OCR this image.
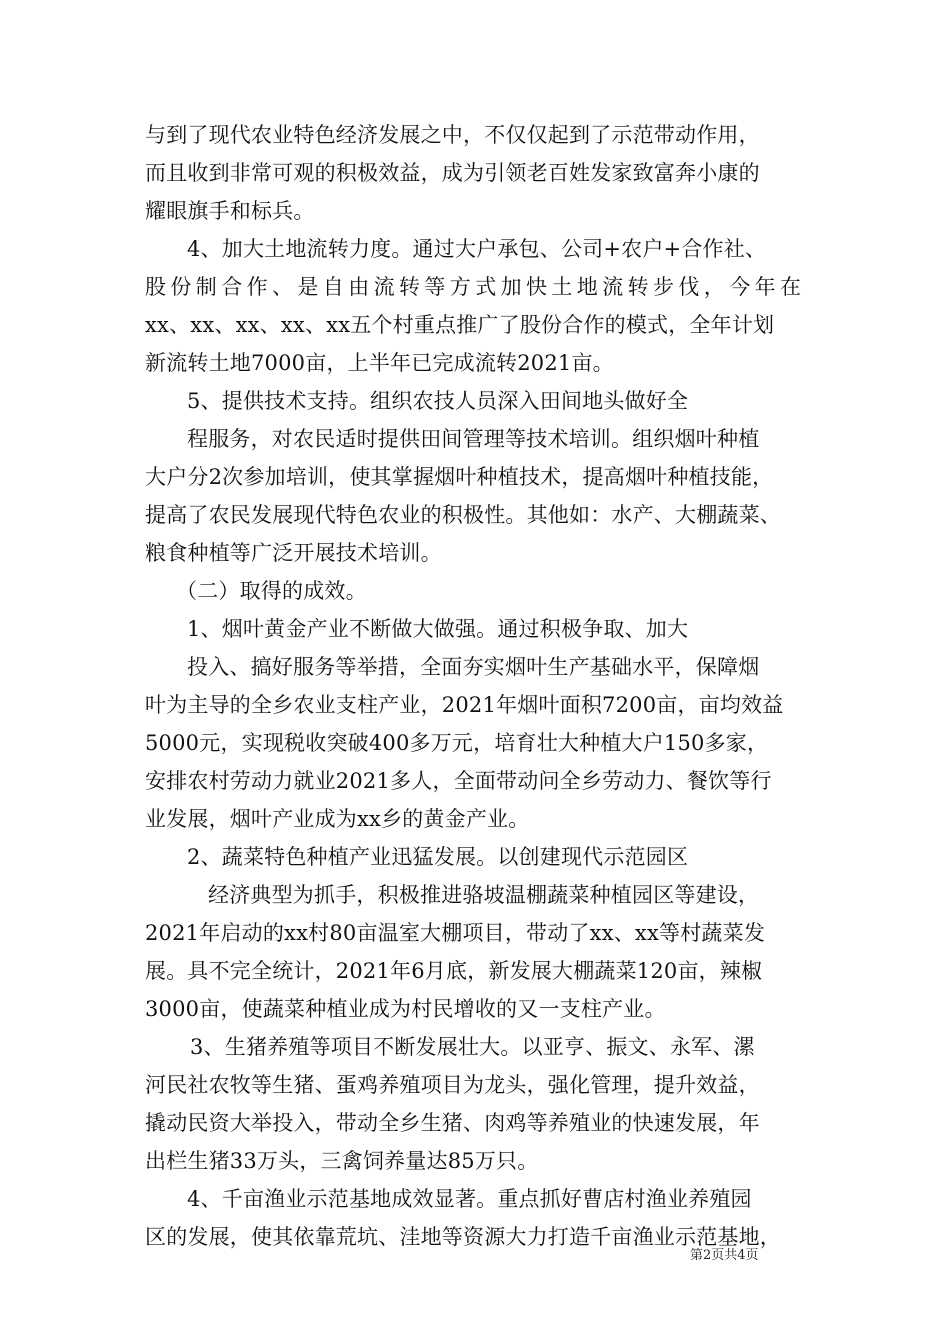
与到了现代农业特色经济发展之中，不仅仅起到了示范带动作用，
而且收到非常可观的积极效益，成为引领老百姓发家致富奔小康的
耀眼旗手和标兵。
4、加大土地流转力度。通过大户承包、公司+农户+合作社、
股份制合作、是自由流转等方式加快土地流转步伐，今年在
xx、xx、xx、xx、xx五个村重点推广了股份合作的模式，全年计划
新流转土地7000亩，上半年已完成流转2021亩。
5、提供技术支持。组织农技人员深入田间地头做好全
程服务，对农民适时提供田间管理等技术培训。组织烟叶种植
大户分2次参加培训，使其掌握烟叶种植技术，提高烟叶种植技能，
提高了农民发展现代特色农业的积极性。其他如：水产、大棚蔬菜、
粮食种植等广泛开展技术培训。
（二）取得的成效。
1、烟叶黄金产业不断做大做强。通过积极争取、加大
投入、搞好服务等举措，全面夯实烟叶生产基础水平，保障烟
叶为主导的全乡农业支柱产业，2021年烟叶面积7200亩，亩均效益
5000元，实现税收突破400多万元，培育壮大种植大户150多家，
安排农村劳动力就业2021多人，全面带动问全乡劳动力、餐饮等行
业发展，烟叶产业成为xx乡的黄金产业。
2、蔬菜特色种植产业迅猛发展。以创建现代示范园区
经济典型为抓手，积极推进骆坡温棚蔬菜种植园区等建设，
2021年启动的xx村80亩温室大棚项目，带动了xx、xx等村蔬菜发
展。具不完全统计，2021年6月底，新发展大棚蔬菜120亩，辣椒
3000亩，使蔬菜种植业成为村民增收的又一支柱产业。
3、生猪养殖等项目不断发展壮大。以亚亨、振文、永军、漯
河民社农牧等生猪、蛋鸡养殖项目为龙头，强化管理，提升效益，
撬动民资大举投入，带动全乡生猪、肉鸡等养殖业的快速发展，年
出栏生猪33万头，三禽饲养量达85万只。
4、千亩渔业示范基地成效显著。重点抓好曹店村渔业养殖园
区的发展，使其依靠荒坑、洼地等资源大力打造千亩渔业示范基地，
第2页共4页
